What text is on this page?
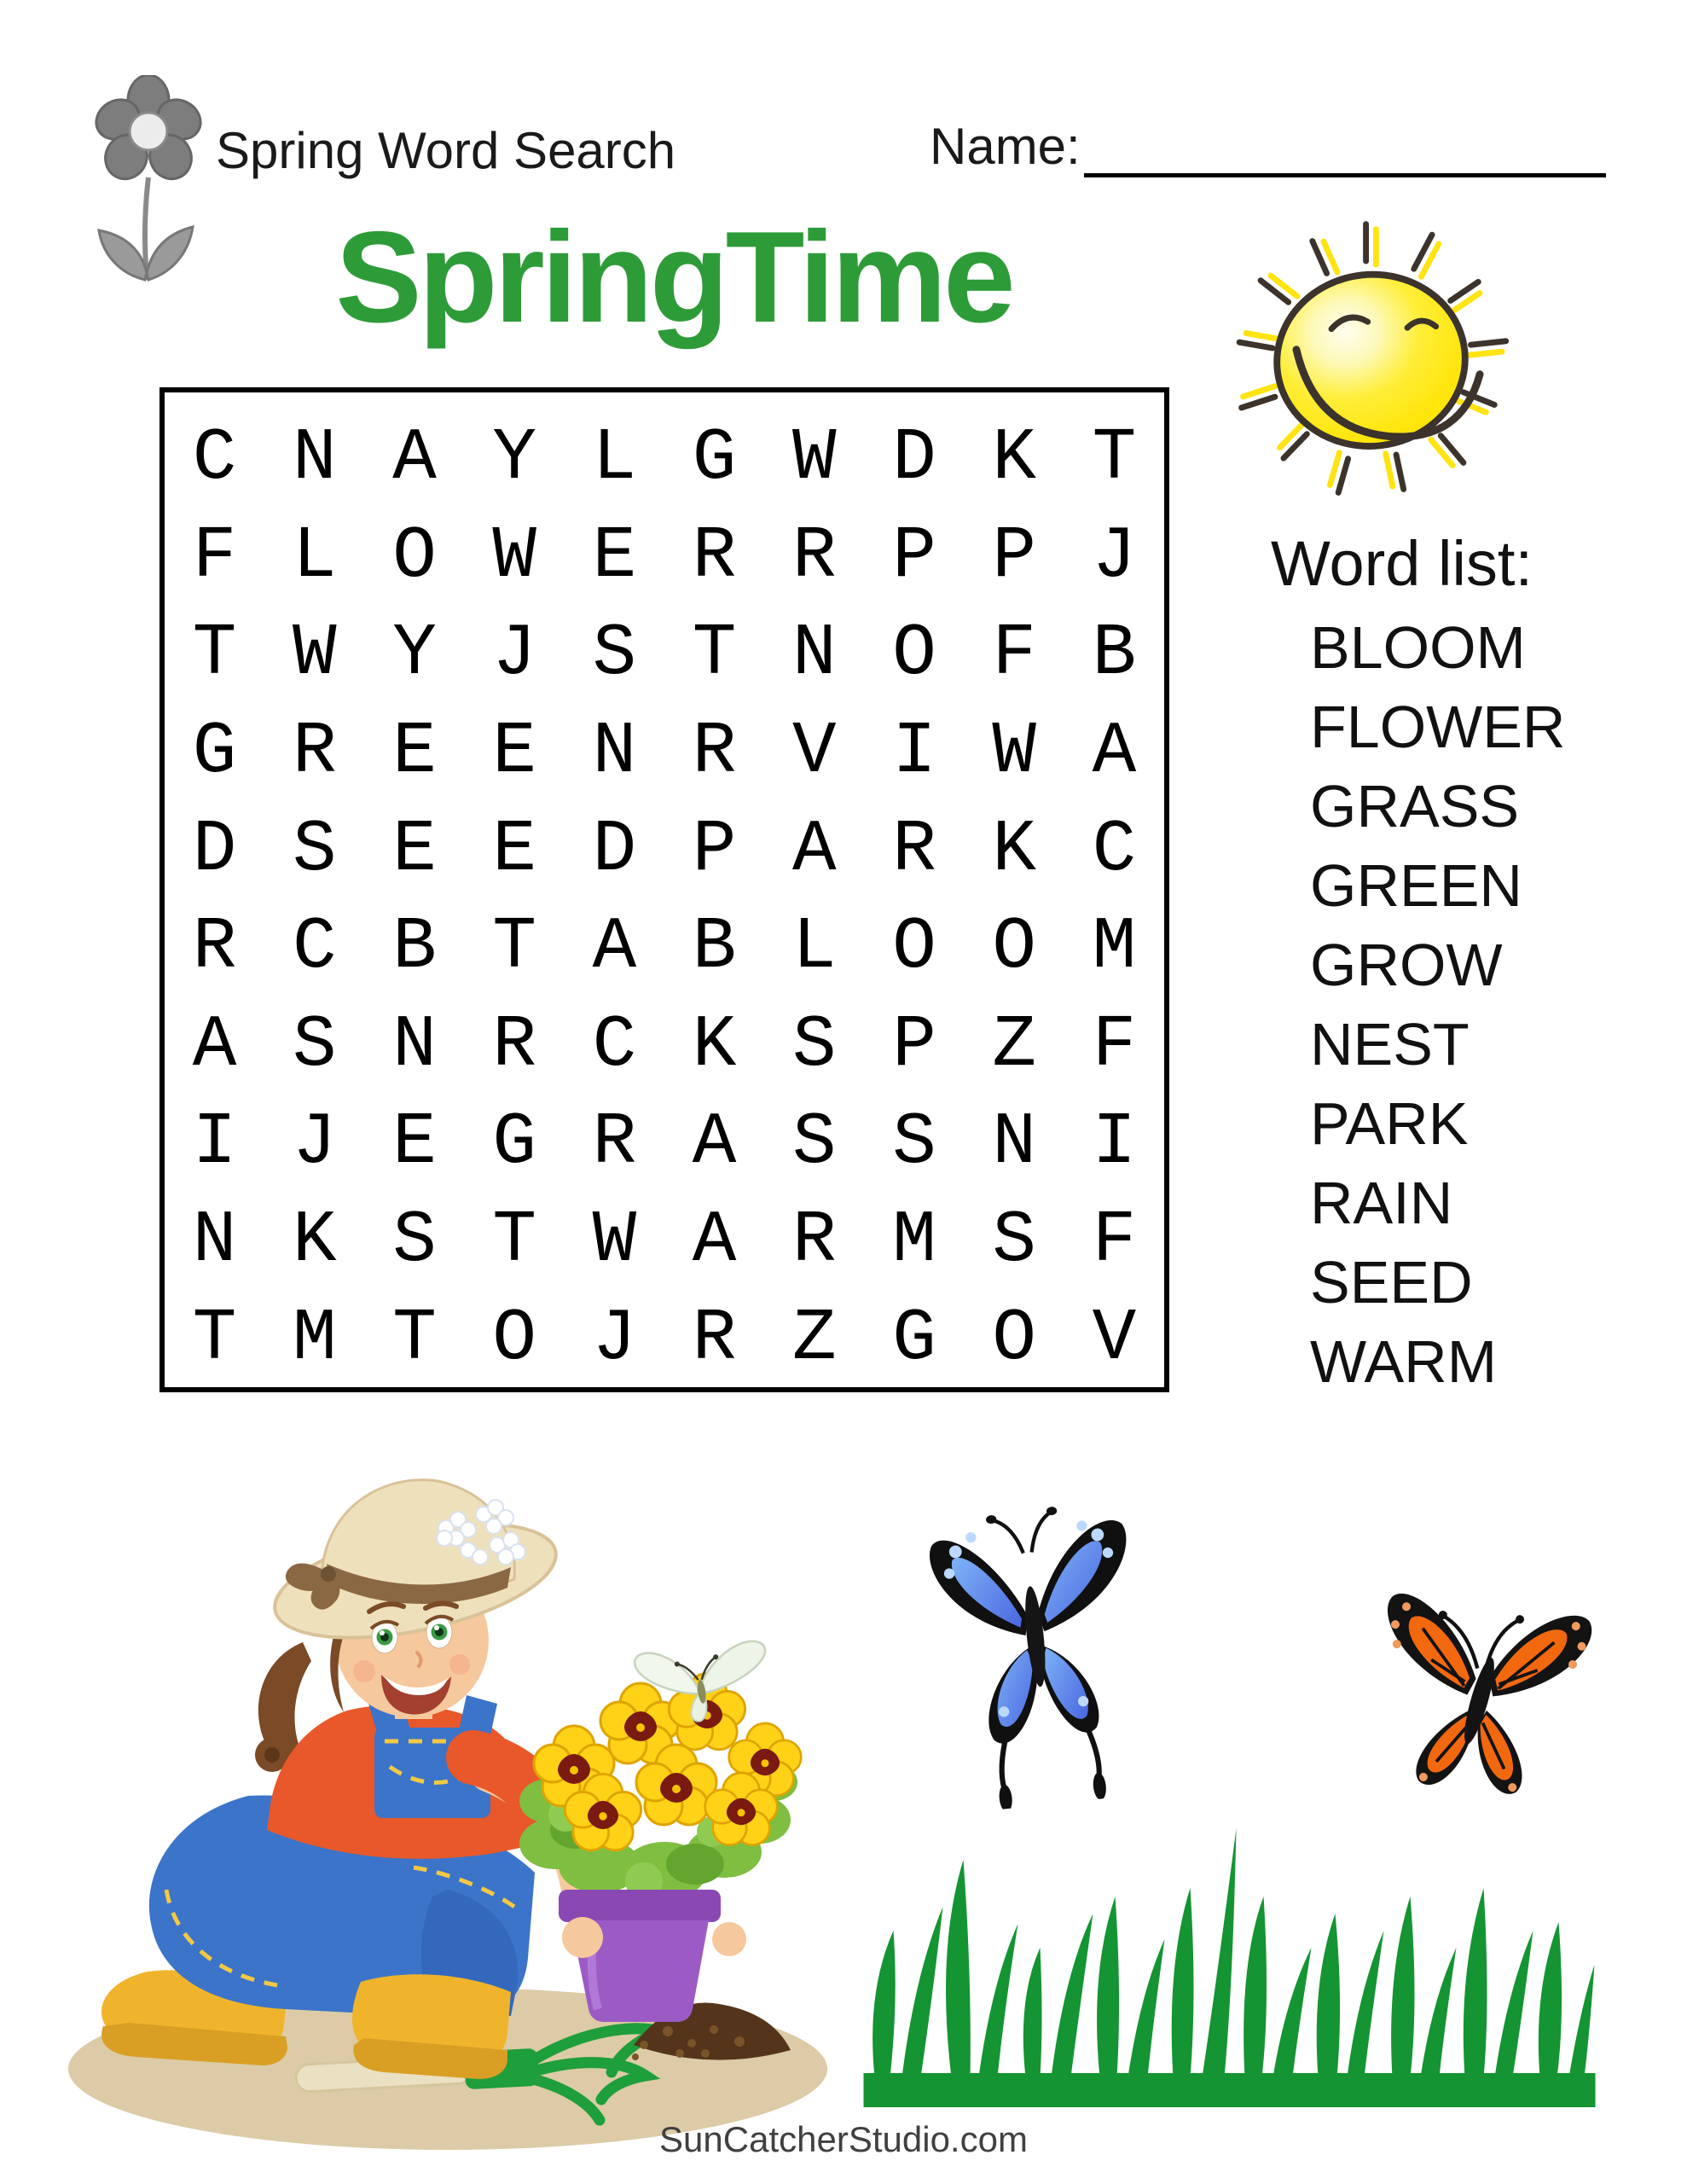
Spring Word Search	Name:
SpringTime
C N A Y L G W D K T
F L O W E R R P P J
T W Y J S T N O F B
G R E E N R V I W A
D S E E D P A R K C
R C B T A B L O O M
A S N R C K S P Z F
I J E G R A S S N I
N K S T W A R M S F
T M T O J R Z G O V
Word list:
BLOOM
FLOWER
GRASS
GREEN
GROW
NEST
PARK
RAIN
SEED
WARM
SunCatcherStudio.com
